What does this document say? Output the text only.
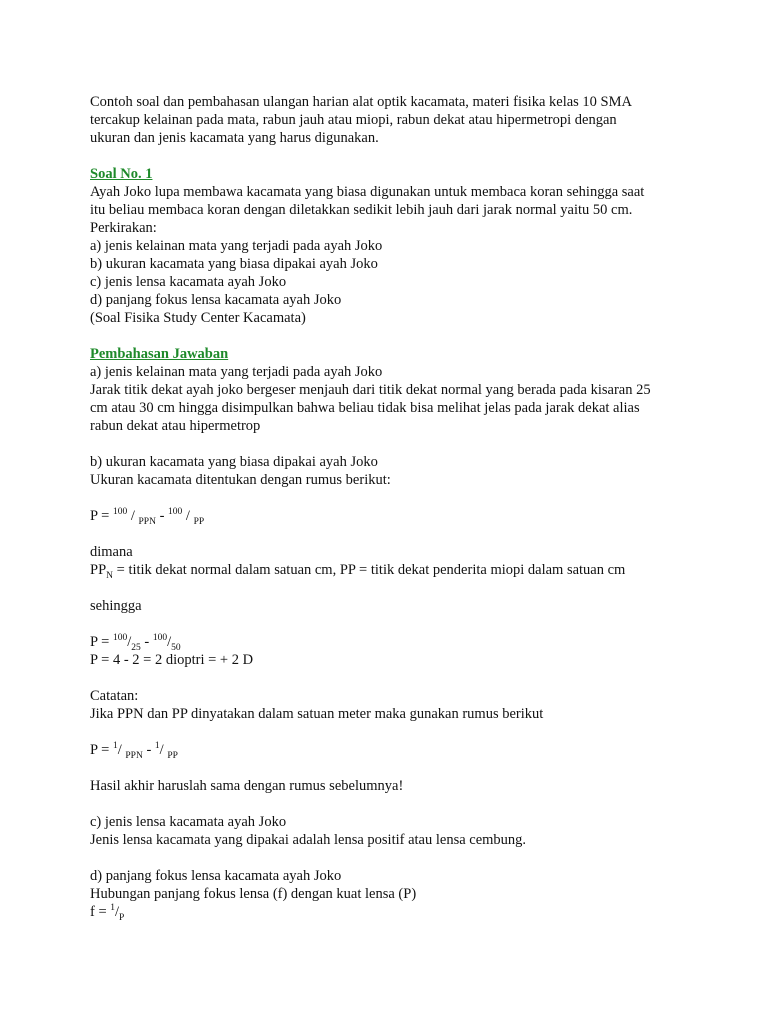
Contoh soal dan pembahasan ulangan harian alat optik kacamata, materi fisika kelas 10 SMA
tercakup kelainan pada mata, rabun jauh atau miopi, rabun dekat atau hipermetropi dengan
ukuran dan jenis kacamata yang harus digunakan.
Soal No. 1
Ayah Joko lupa membawa kacamata yang biasa digunakan untuk membaca koran sehingga saat
itu beliau membaca koran dengan diletakkan sedikit lebih jauh dari jarak normal yaitu 50 cm.
Perkirakan:
a) jenis kelainan mata yang terjadi pada ayah Joko
b) ukuran kacamata yang biasa dipakai ayah Joko
c) jenis lensa kacamata ayah Joko
d) panjang fokus lensa kacamata ayah Joko
(Soal Fisika Study Center Kacamata)
Pembahasan Jawaban
a) jenis kelainan mata yang terjadi pada ayah Joko
Jarak titik dekat ayah joko bergeser menjauh dari titik dekat normal yang berada pada kisaran 25
cm atau 30 cm hingga disimpulkan bahwa beliau tidak bisa melihat jelas pada jarak dekat alias
rabun dekat atau hipermetrop
b) ukuran kacamata yang biasa dipakai ayah Joko
Ukuran kacamata ditentukan dengan rumus berikut:
P = $^{100}$ / $_{PPN}$ - $^{100}$ / $_{PP}$
dimana
$PP_N$ = titik dekat normal dalam satuan cm, PP = titik dekat penderita miopi dalam satuan cm
sehingga
$P = ^{100}/_{25} - ^{100}/_{50}$
P = 4 - 2 = 2 dioptri = + 2 D
Catatan:
Jika PPN dan PP dinyatakan dalam satuan meter maka gunakan rumus berikut
P = $^1$/ $_{PPN}$ - $^1$/ $_{PP}$
Hasil akhir haruslah sama dengan rumus sebelumnya!
c) jenis lensa kacamata ayah Joko
Jenis lensa kacamata yang dipakai adalah lensa positif atau lensa cembung.
d) panjang fokus lensa kacamata ayah Joko
Hubungan panjang fokus lensa (f) dengan kuat lensa (P)
$f = ^1/_P$
